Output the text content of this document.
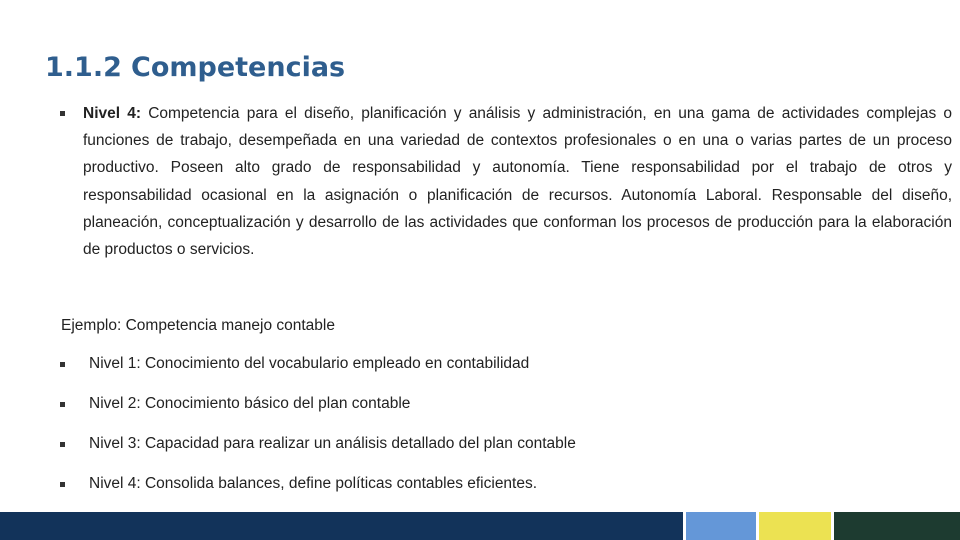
1.1.2 Competencias

Nivel 4: Competencia para el diseño, planificación y análisis y administración, en una gama de actividades complejas o funciones de trabajo, desempeñada en una variedad de contextos profesionales o en una o varias partes de un proceso productivo. Poseen alto grado de responsabilidad y autonomía. Tiene responsabilidad por el trabajo de otros y responsabilidad ocasional en la asignación o planificación de recursos. Autonomía Laboral. Responsable del diseño, planeación, conceptualización y desarrollo de las actividades que conforman los procesos de producción para la elaboración de productos o servicios.

Ejemplo: Competencia manejo contable

Nivel 1: Conocimiento del vocabulario empleado en contabilidad
Nivel 2: Conocimiento básico del plan contable
Nivel 3: Capacidad para realizar un análisis detallado del plan contable
Nivel 4: Consolida balances, define políticas contables eficientes.
